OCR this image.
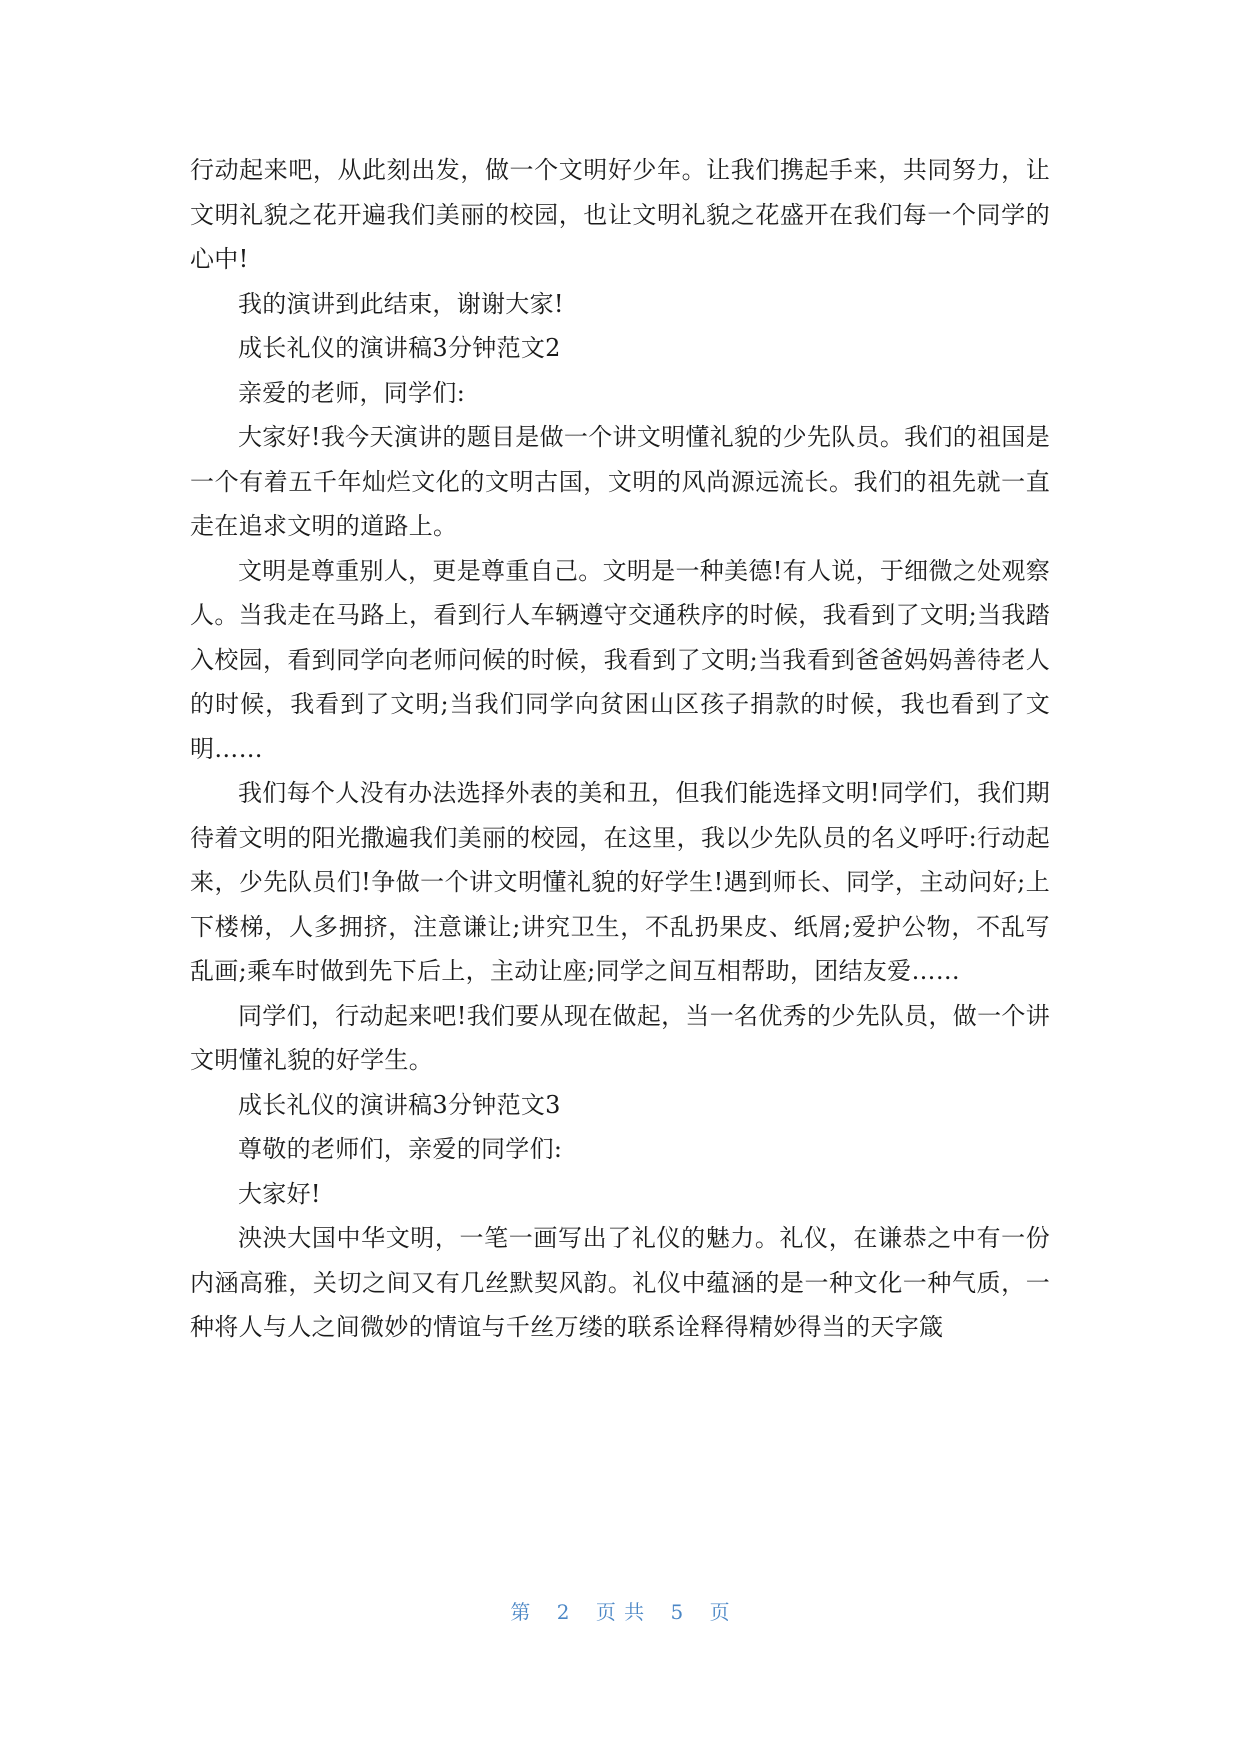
行动起来吧，从此刻出发，做一个文明好少年。让我们携起手来，共同努力，让文明礼貌之花开遍我们美丽的校园，也让文明礼貌之花盛开在我们每一个同学的心中!

我的演讲到此结束，谢谢大家!

成长礼仪的演讲稿3分钟范文2

亲爱的老师，同学们:

大家好!我今天演讲的题目是做一个讲文明懂礼貌的少先队员。我们的祖国是一个有着五千年灿烂文化的文明古国，文明的风尚源远流长。我们的祖先就一直走在追求文明的道路上。

文明是尊重别人，更是尊重自己。文明是一种美德!有人说，于细微之处观察人。当我走在马路上，看到行人车辆遵守交通秩序的时候，我看到了文明;当我踏入校园，看到同学向老师问候的时候，我看到了文明;当我看到爸爸妈妈善待老人的时候，我看到了文明;当我们同学向贫困山区孩子捐款的时候，我也看到了文明……

我们每个人没有办法选择外表的美和丑，但我们能选择文明!同学们，我们期待着文明的阳光撒遍我们美丽的校园，在这里，我以少先队员的名义呼吁:行动起来，少先队员们!争做一个讲文明懂礼貌的好学生!遇到师长、同学，主动问好;上下楼梯，人多拥挤，注意谦让;讲究卫生，不乱扔果皮、纸屑;爱护公物，不乱写乱画;乘车时做到先下后上，主动让座;同学之间互相帮助，团结友爱……

同学们，行动起来吧!我们要从现在做起，当一名优秀的少先队员，做一个讲文明懂礼貌的好学生。

成长礼仪的演讲稿3分钟范文3

尊敬的老师们，亲爱的同学们:

大家好!

泱泱大国中华文明，一笔一画写出了礼仪的魅力。礼仪，在谦恭之中有一份内涵高雅，关切之间又有几丝默契风韵。礼仪中蕴涵的是一种文化一种气质，一种将人与人之间微妙的情谊与千丝万缕的联系诠释得精妙得当的天字箴

第 2 页 共 5 页
